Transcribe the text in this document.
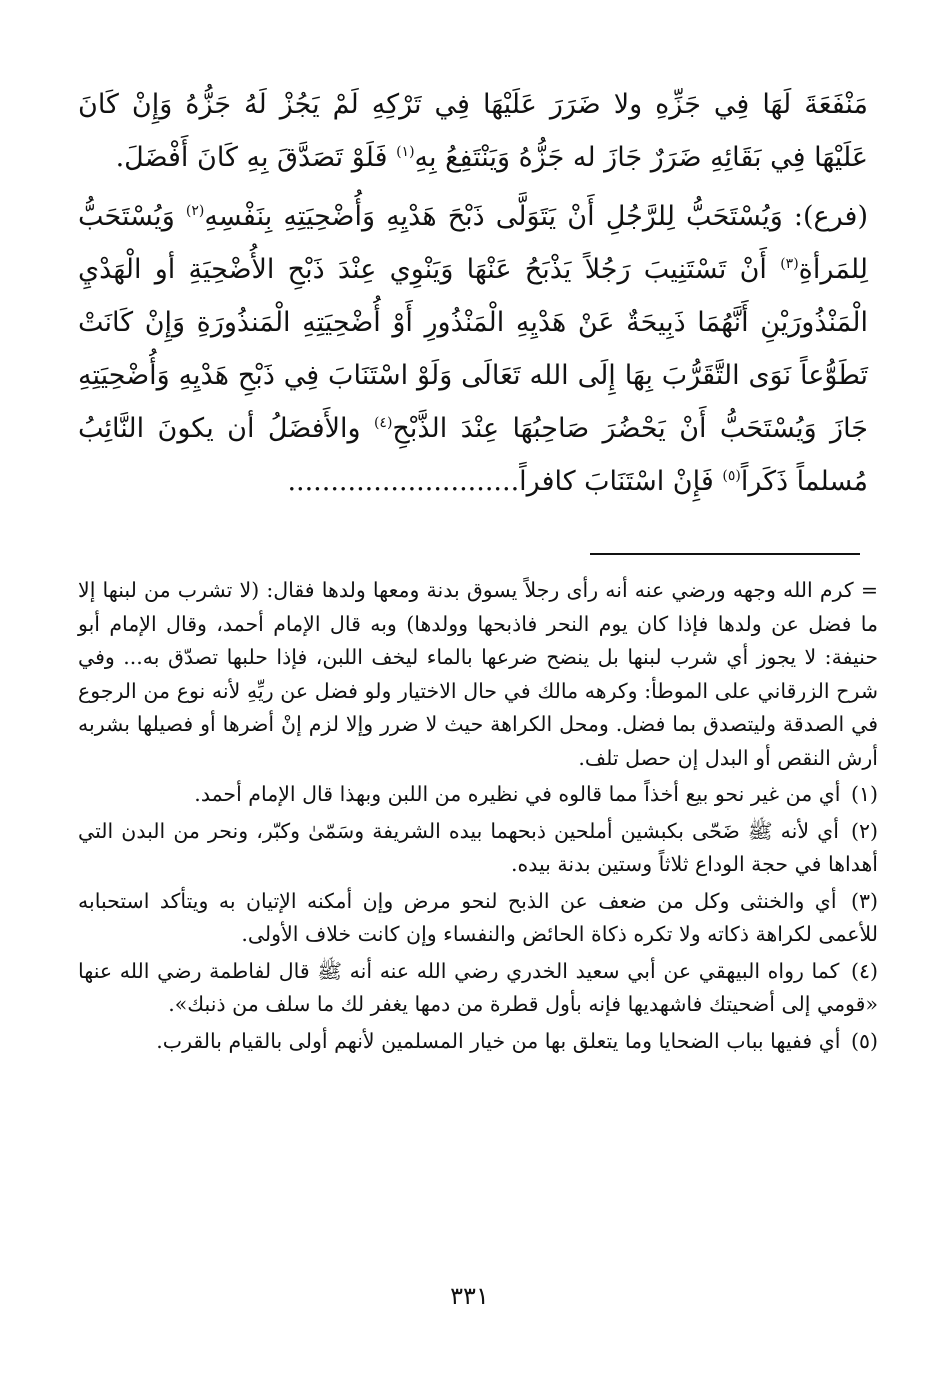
مَنْفَعَةَ لَهَا فِي جَزِّهِ ولا ضَرَرَ عَلَيْهَا فِي تَرْكِهِ لَمْ يَجُزْ لَهُ جَزُّهُ وَإِنْ كَانَ عَلَيْهَا فِي بَقَائِهِ ضَرَرٌ جَازَ له جَزُّهُ وَيَنْتَفِعُ بِهِ$^{(١)}$ فَلَوْ تَصَدَّقَ بِهِ كَانَ أَفْضَلَ.

(فرع): وَيُسْتَحَبُّ لِلرَّجُلِ أَنْ يَتَوَلَّى ذَبْحَ هَدْيِهِ وَأُضْحِيَتِهِ بِنَفْسِهِ$^{(٢)}$ وَيُسْتَحَبُّ لِلمَرأةِ$^{(٣)}$ أَنْ تَسْتَنِيبَ رَجُلاً يَذْبَحُ عَنْهَا وَيَنْوِي عِنْدَ ذَبْحِ الأُضْحِيَةِ أو الْهَدْيِ الْمَنْذُورَيْنِ أَنَّهُمَا ذَبِيحَةٌ عَنْ هَدْيِهِ الْمَنْذُورِ أَوْ أُضْحِيَتِهِ الْمَنذُورَةِ وَإِنْ كَانَتْ تَطَوُّعاً نَوَى التَّقَرُّبَ بِهَا إِلَى الله تَعَالَى وَلَوْ اسْتَنَابَ فِي ذَبْحِ هَدْيِهِ وَأُضْحِيَتِهِ جَازَ وَيُسْتَحَبُّ أَنْ يَحْضُرَ صَاحِبُهَا عِنْدَ الذَّبْحِ$^{(٤)}$ والأَفضَلُ أن يكونَ النَّائِبُ مُسلماً ذَكَراً$^{(٥)}$ فَإِنْ اسْتَنَابَ كافراً...........................

= كرم الله وجهه ورضي عنه أنه رأى رجلاً يسوق بدنة ومعها ولدها فقال: (لا تشرب من لبنها إلا ما فضل عن ولدها فإذا كان يوم النحر فاذبحها وولدها) وبه قال الإمام أحمد، وقال الإمام أبو حنيفة: لا يجوز أي شرب لبنها بل ينضح ضرعها بالماء ليخف اللبن، فإذا حلبها تصدّق به... وفي شرح الزرقاني على الموطأ: وكرهه مالك في حال الاختيار ولو فضل عن ريِّهِ لأنه نوع من الرجوع في الصدقة وليتصدق بما فضل. ومحل الكراهة حيث لا ضرر وإلا لزم إنْ أضرها أو فصيلها بشربه أرش النقص أو البدل إن حصل تلف.

(١) أي من غير نحو بيع أخذاً مما قالوه في نظيره من اللبن وبهذا قال الإمام أحمد.

(٢) أي لأنه ﷺ ضَحّى بكبشين أملحين ذبحهما بيده الشريفة وسَمّىٰ وكبّر، ونحر من البدن التي أهداها في حجة الوداع ثلاثاً وستين بدنة بيده.

(٣) أي والخنثى وكل من ضعف عن الذبح لنحو مرض وإن أمكنه الإتيان به ويتأكد استحبابه للأعمى لكراهة ذكاته ولا تكره ذكاة الحائض والنفساء وإن كانت خلاف الأولى.

(٤) كما رواه البيهقي عن أبي سعيد الخدري رضي الله عنه أنه ﷺ قال لفاطمة رضي الله عنها «قومي إلى أضحيتك فاشهديها فإنه بأول قطرة من دمها يغفر لك ما سلف من ذنبك».

(٥) أي ففيها بباب الضحايا وما يتعلق بها من خيار المسلمين لأنهم أولى بالقيام بالقرب.

٣٣١
